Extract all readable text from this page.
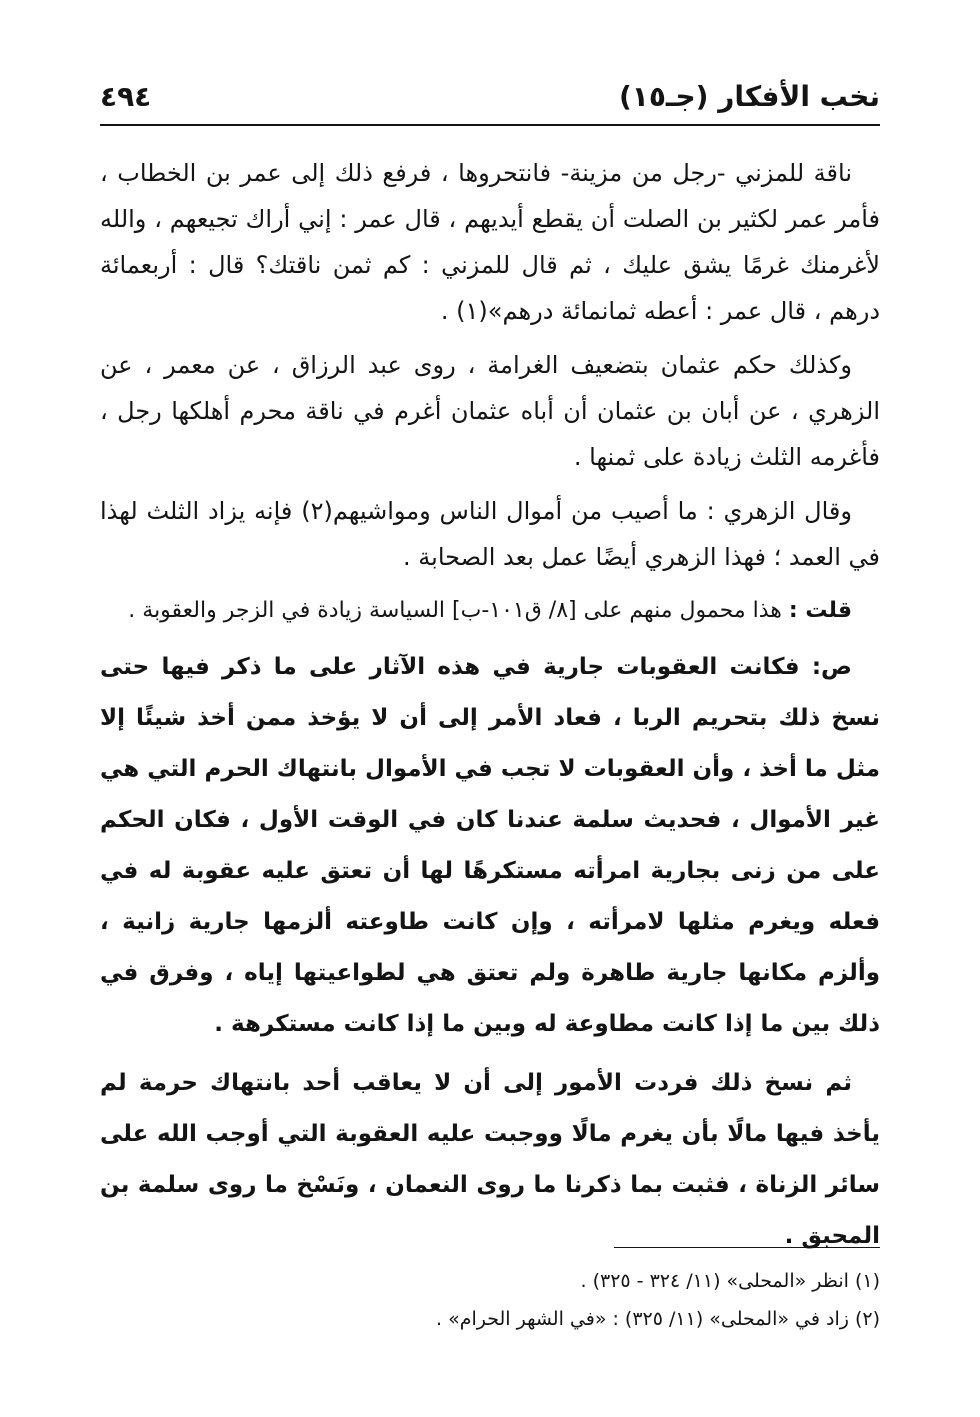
نخب الأفكار (جـ١٥)
٤٩٤

ناقة للمزني -رجل من مزينة- فانتحروها ، فرفع ذلك إلى عمر بن الخطاب ، فأمر عمر لكثير بن الصلت أن يقطع أيديهم ، قال عمر : إني أراك تجيعهم ، والله لأغرمنك غرمًا يشق عليك ، ثم قال للمزني : كم ثمن ناقتك؟ قال : أربعمائة درهم ، قال عمر : أعطه ثمانمائة درهم»(١) .

وكذلك حكم عثمان بتضعيف الغرامة ، روى عبد الرزاق ، عن معمر ، عن الزهري ، عن أبان بن عثمان أن أباه عثمان أغرم في ناقة محرم أهلكها رجل ، فأغرمه الثلث زيادة على ثمنها .

وقال الزهري : ما أصيب من أموال الناس ومواشيهم(٢) فإنه يزاد الثلث لهذا في العمد ؛ فهذا الزهري أيضًا عمل بعد الصحابة .

قلت : هذا محمول منهم على [٨/ ق١٠١-ب] السياسة زيادة في الزجر والعقوبة .

ص: فكانت العقوبات جارية في هذه الآثار على ما ذكر فيها حتى نسخ ذلك بتحريم الربا ، فعاد الأمر إلى أن لا يؤخذ ممن أخذ شيئًا إلا مثل ما أخذ ، وأن العقوبات لا تجب في الأموال بانتهاك الحرم التي هي غير الأموال ، فحديث سلمة عندنا كان في الوقت الأول ، فكان الحكم على من زنى بجارية امرأته مستكرهًا لها أن تعتق عليه عقوبة له في فعله ويغرم مثلها لامرأته ، وإن كانت طاوعته ألزمها جارية زانية ، وألزم مكانها جارية طاهرة ولم تعتق هي لطواعيتها إياه ، وفرق في ذلك بين ما إذا كانت مطاوعة له وبين ما إذا كانت مستكرهة .

ثم نسخ ذلك فردت الأمور إلى أن لا يعاقب أحد بانتهاك حرمة لم يأخذ فيها مالًا بأن يغرم مالًا ووجبت عليه العقوبة التي أوجب الله على سائر الزناة ، فثبت بما ذكرنا ما روى النعمان ، ونَسْخ ما روى سلمة بن المحبق .

(١) انظر «المحلى» (١١/ ٣٢٤ - ٣٢٥) .

(٢) زاد في «المحلى» (١١/ ٣٢٥) : «في الشهر الحرام» .
